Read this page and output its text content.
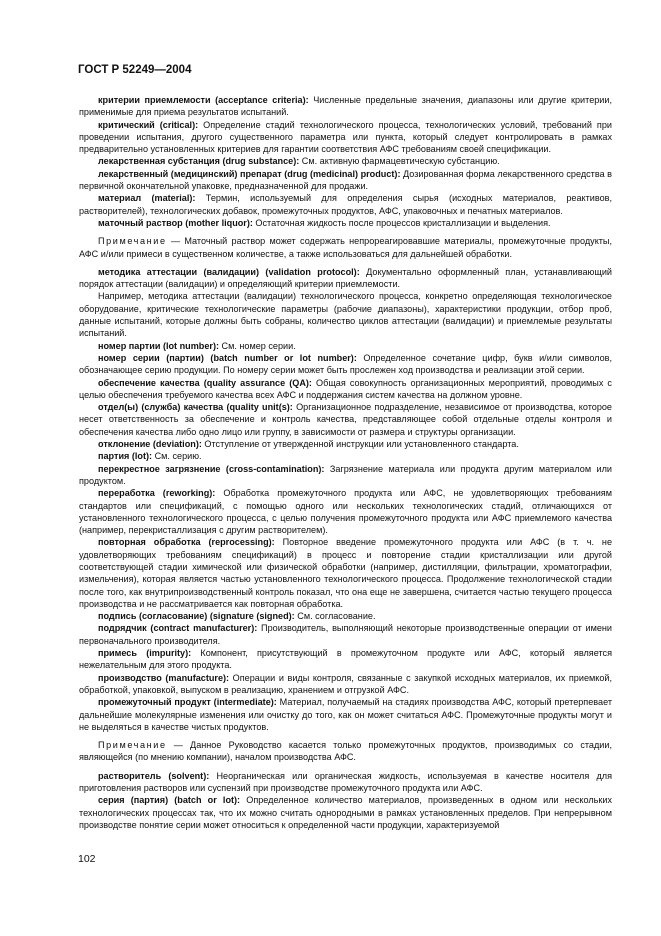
ГОСТ Р 52249—2004

критерии приемлемости (acceptance criteria): Численные предельные значения, диапазоны или другие критерии, применимые для приема результатов испытаний.

критический (critical): Определение стадий технологического процесса, технологических условий, требований при проведении испытания, другого существенного параметра или пункта, который следует контролировать в рамках предварительно установленных критериев для гарантии соответствия АФС требованиям своей спецификации.

лекарственная субстанция (drug substance): См. активную фармацевтическую субстанцию.

лекарственный (медицинский) препарат (drug (medicinal) product): Дозированная форма лекарственного средства в первичной окончательной упаковке, предназначенной для продажи.

материал (material): Термин, используемый для определения сырья (исходных материалов, реактивов, растворителей), технологических добавок, промежуточных продуктов, АФС, упаковочных и печатных материалов.

маточный раствор (mother liquor): Остаточная жидкость после процессов кристаллизации и выделения.

Примечание — Маточный раствор может содержать непрореагировавшие материалы, промежуточные продукты, АФС и/или примеси в существенном количестве, а также использоваться для дальнейшей обработки.

методика аттестации (валидации) (validation protocol): Документально оформленный план, устанавливающий порядок аттестации (валидации) и определяющий критерии приемлемости.

Например, методика аттестации (валидации) технологического процесса, конкретно определяющая технологическое оборудование, критические технологические параметры (рабочие диапазоны), характеристики продукции, отбор проб, данные испытаний, которые должны быть собраны, количество циклов аттестации (валидации) и приемлемые результаты испытаний.

номер партии (lot number): См. номер серии.

номер серии (партии) (batch number or lot number): Определенное сочетание цифр, букв и/или символов, обозначающее серию продукции. По номеру серии может быть прослежен ход производства и реализации этой серии.

обеспечение качества (quality assurance (QA): Общая совокупность организационных мероприятий, проводимых с целью обеспечения требуемого качества всех АФС и поддержания систем качества на должном уровне.

отдел(ы) (служба) качества (quality unit(s): Организационное подразделение, независимое от производства, которое несет ответственность за обеспечение и контроль качества, представляющее собой отдельные отделы контроля и обеспечения качества либо одно лицо или группу, в зависимости от размера и структуры организации.

отклонение (deviation): Отступление от утвержденной инструкции или установленного стандарта.

партия (lot): См. серию.

перекрестное загрязнение (cross-contamination): Загрязнение материала или продукта другим материалом или продуктом.

переработка (reworking): Обработка промежуточного продукта или АФС, не удовлетворяющих требованиям стандартов или спецификаций, с помощью одного или нескольких технологических стадий, отличающихся от установленного технологического процесса, с целью получения промежуточного продукта или АФС приемлемого качества (например, перекристаллизация с другим растворителем).

повторная обработка (reprocessing): Повторное введение промежуточного продукта или АФС (в т. ч. не удовлетворяющих требованиям спецификаций) в процесс и повторение стадии кристаллизации или другой соответствующей стадии химической или физической обработки (например, дистилляции, фильтрации, хроматографии, измельчения), которая является частью установленного технологического процесса. Продолжение технологической стадии после того, как внутрипроизводственный контроль показал, что она еще не завершена, считается частью текущего процесса производства и не рассматривается как повторная обработка.

подпись (согласование) (signature (signed): См. согласование.

подрядчик (contract manufacturer): Производитель, выполняющий некоторые производственные операции от имени первоначального производителя.

примесь (impurity): Компонент, присутствующий в промежуточном продукте или АФС, который является нежелательным для этого продукта.

производство (manufacture): Операции и виды контроля, связанные с закупкой исходных материалов, их приемкой, обработкой, упаковкой, выпуском в реализацию, хранением и отгрузкой АФС.

промежуточный продукт (intermediate): Материал, получаемый на стадиях производства АФС, который претерпевает дальнейшие молекулярные изменения или очистку до того, как он может считаться АФС. Промежуточные продукты могут и не выделяться в качестве чистых продуктов.

Примечание — Данное Руководство касается только промежуточных продуктов, производимых со стадии, являющейся (по мнению компании), началом производства АФС.

растворитель (solvent): Неорганическая или органическая жидкость, используемая в качестве носителя для приготовления растворов или суспензий при производстве промежуточного продукта или АФС.

серия (партия) (batch or lot): Определенное количество материалов, произведенных в одном или нескольких технологических процессах так, что их можно считать однородными в рамках установленных пределов. При непрерывном производстве понятие серии может относиться к определенной части продукции, характеризуемой

102
